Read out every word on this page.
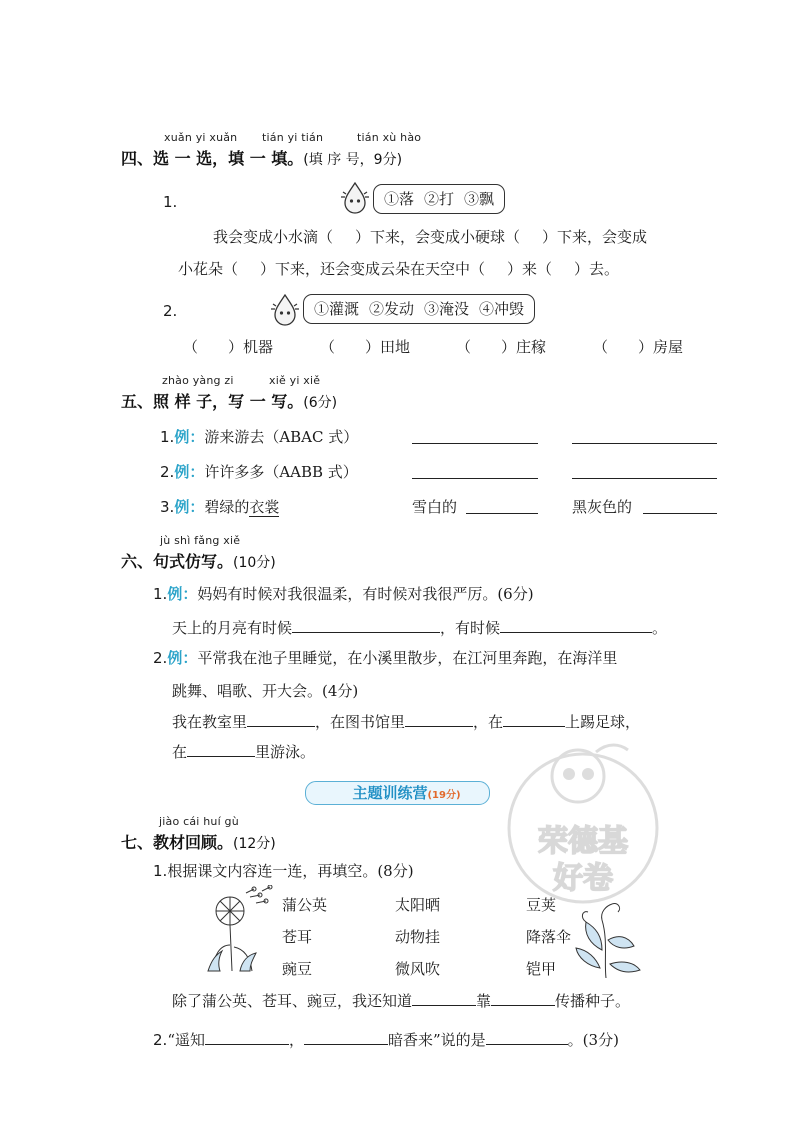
xuǎn yi xuǎn tián yi tián	tián xù hào
四、选 一 选，填 一 填。(填 序 号，9分)
1.	①落 ②打 ③飘
我会变成小水滴（ ）下来，会变成小硬球（ ）下来，会变成
小花朵（ ）下来，还会变成云朵在天空中（ ）来（ ）去。
2.	①灌溉 ②发动 ③淹没 ④冲毁
（　　）机器	（　　）田地	（　　）庄稼	（　　）房屋
zhào yàng zi	xiě yi xiě
五、照 样 子，写 一 写。(6分)
1.例：游来游去（ABAC 式）
2.例：许许多多（AABB 式）
3.例：碧绿的衣裳	雪白的	黑灰色的
jù shì fǎng xiě
六、句式仿写。(10分)
1.例：妈妈有时候对我很温柔，有时候对我很严厉。(6分)
天上的月亮有时候	，有时候	。
2.例：平常我在池子里睡觉，在小溪里散步，在江河里奔跑，在海洋里
跳舞、唱歌、开大会。(4分)
我在教室里	，在图书馆里	，在	上踢足球，
在	里游泳。
主题训练营(19分)
荣德基
好卷
jiào cái huí gù
七、教材回顾。(12分)
1.根据课文内容连一连，再填空。(8分)
蒲公英
苍耳
豌豆
太阳晒
动物挂
微风吹
豆荚
降落伞
铠甲
除了蒲公英、苍耳、豌豆，我还知道	靠	传播种子。
2.“遥知	，	暗香来”说的是	。(3分)
